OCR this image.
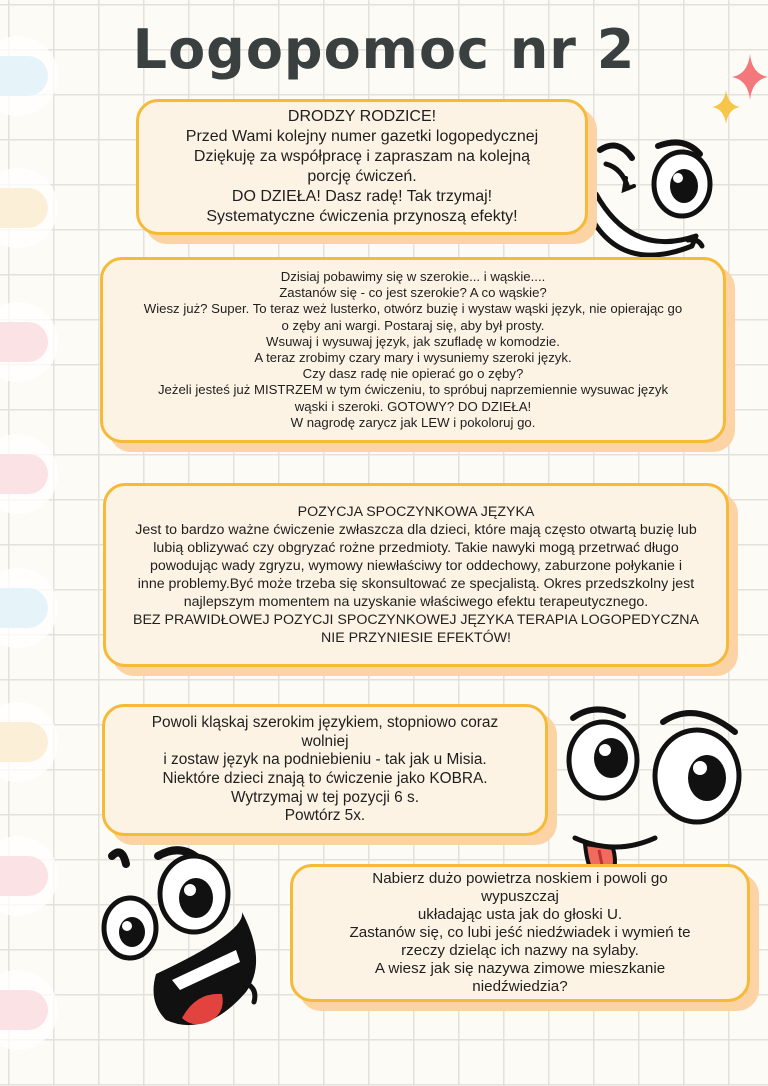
Logopomoc nr 2

DRODZY RODZICE!

Przed Wami kolejny numer gazetki logopedycznej

Dziękuję za współpracę i zapraszam na kolejną

porcję ćwiczeń.

DO DZIEŁA! Dasz radę! Tak trzymaj!

Systematyczne ćwiczenia przynoszą efekty!

Dzisiaj pobawimy się w szerokie... i wąskie....

Zastanów się - co jest szerokie? A co wąskie?

Wiesz już? Super. To teraz weż lusterko, otwórz buzię i wystaw wąski język, nie opierając go

o zęby ani wargi. Postaraj się, aby był prosty.

Wsuwaj i wysuwaj język, jak szufladę w komodzie.

A teraz zrobimy czary mary i wysuniemy szeroki język.

Czy dasz radę nie opierać go o zęby?

Jeżeli jesteś już MISTRZEM w tym ćwiczeniu, to spróbuj naprzemiennie wysuwac język

wąski i szeroki. GOTOWY? DO DZIEŁA!

W nagrodę zarycz jak LEW i pokoloruj go.

POZYCJA SPOCZYNKOWA JĘZYKA

Jest to bardzo ważne ćwiczenie zwłaszcza dla dzieci, które mają często otwartą buzię lub

lubią oblizywać czy obgryzać rożne przedmioty. Takie nawyki mogą przetrwać długo

powodując wady zgryzu, wymowy niewłaściwy tor oddechowy, zaburzone połykanie i

inne problemy.Być może trzeba się skonsultować ze specjalistą. Okres przedszkolny jest

najlepszym momentem na uzyskanie właściwego efektu terapeutycznego.

BEZ PRAWIDŁOWEJ POZYCJI SPOCZYNKOWEJ JĘZYKA TERAPIA LOGOPEDYCZNA

NIE PRZYNIESIE EFEKTÓW!

Powoli kląskaj szerokim językiem, stopniowo coraz

wolniej

i zostaw język na podniebieniu - tak jak u Misia.

Niektóre dzieci znają to ćwiczenie jako KOBRA.

Wytrzymaj w tej pozycji 6 s.

Powtórz 5x.

Nabierz dużo powietrza noskiem i powoli go

wypuszczaj

układając usta jak do głoski U.

Zastanów się, co lubi jeść niedźwiadek i wymień te

rzeczy dzieląc ich nazwy na sylaby.

A wiesz jak się nazywa zimowe mieszkanie

niedźwiedzia?
